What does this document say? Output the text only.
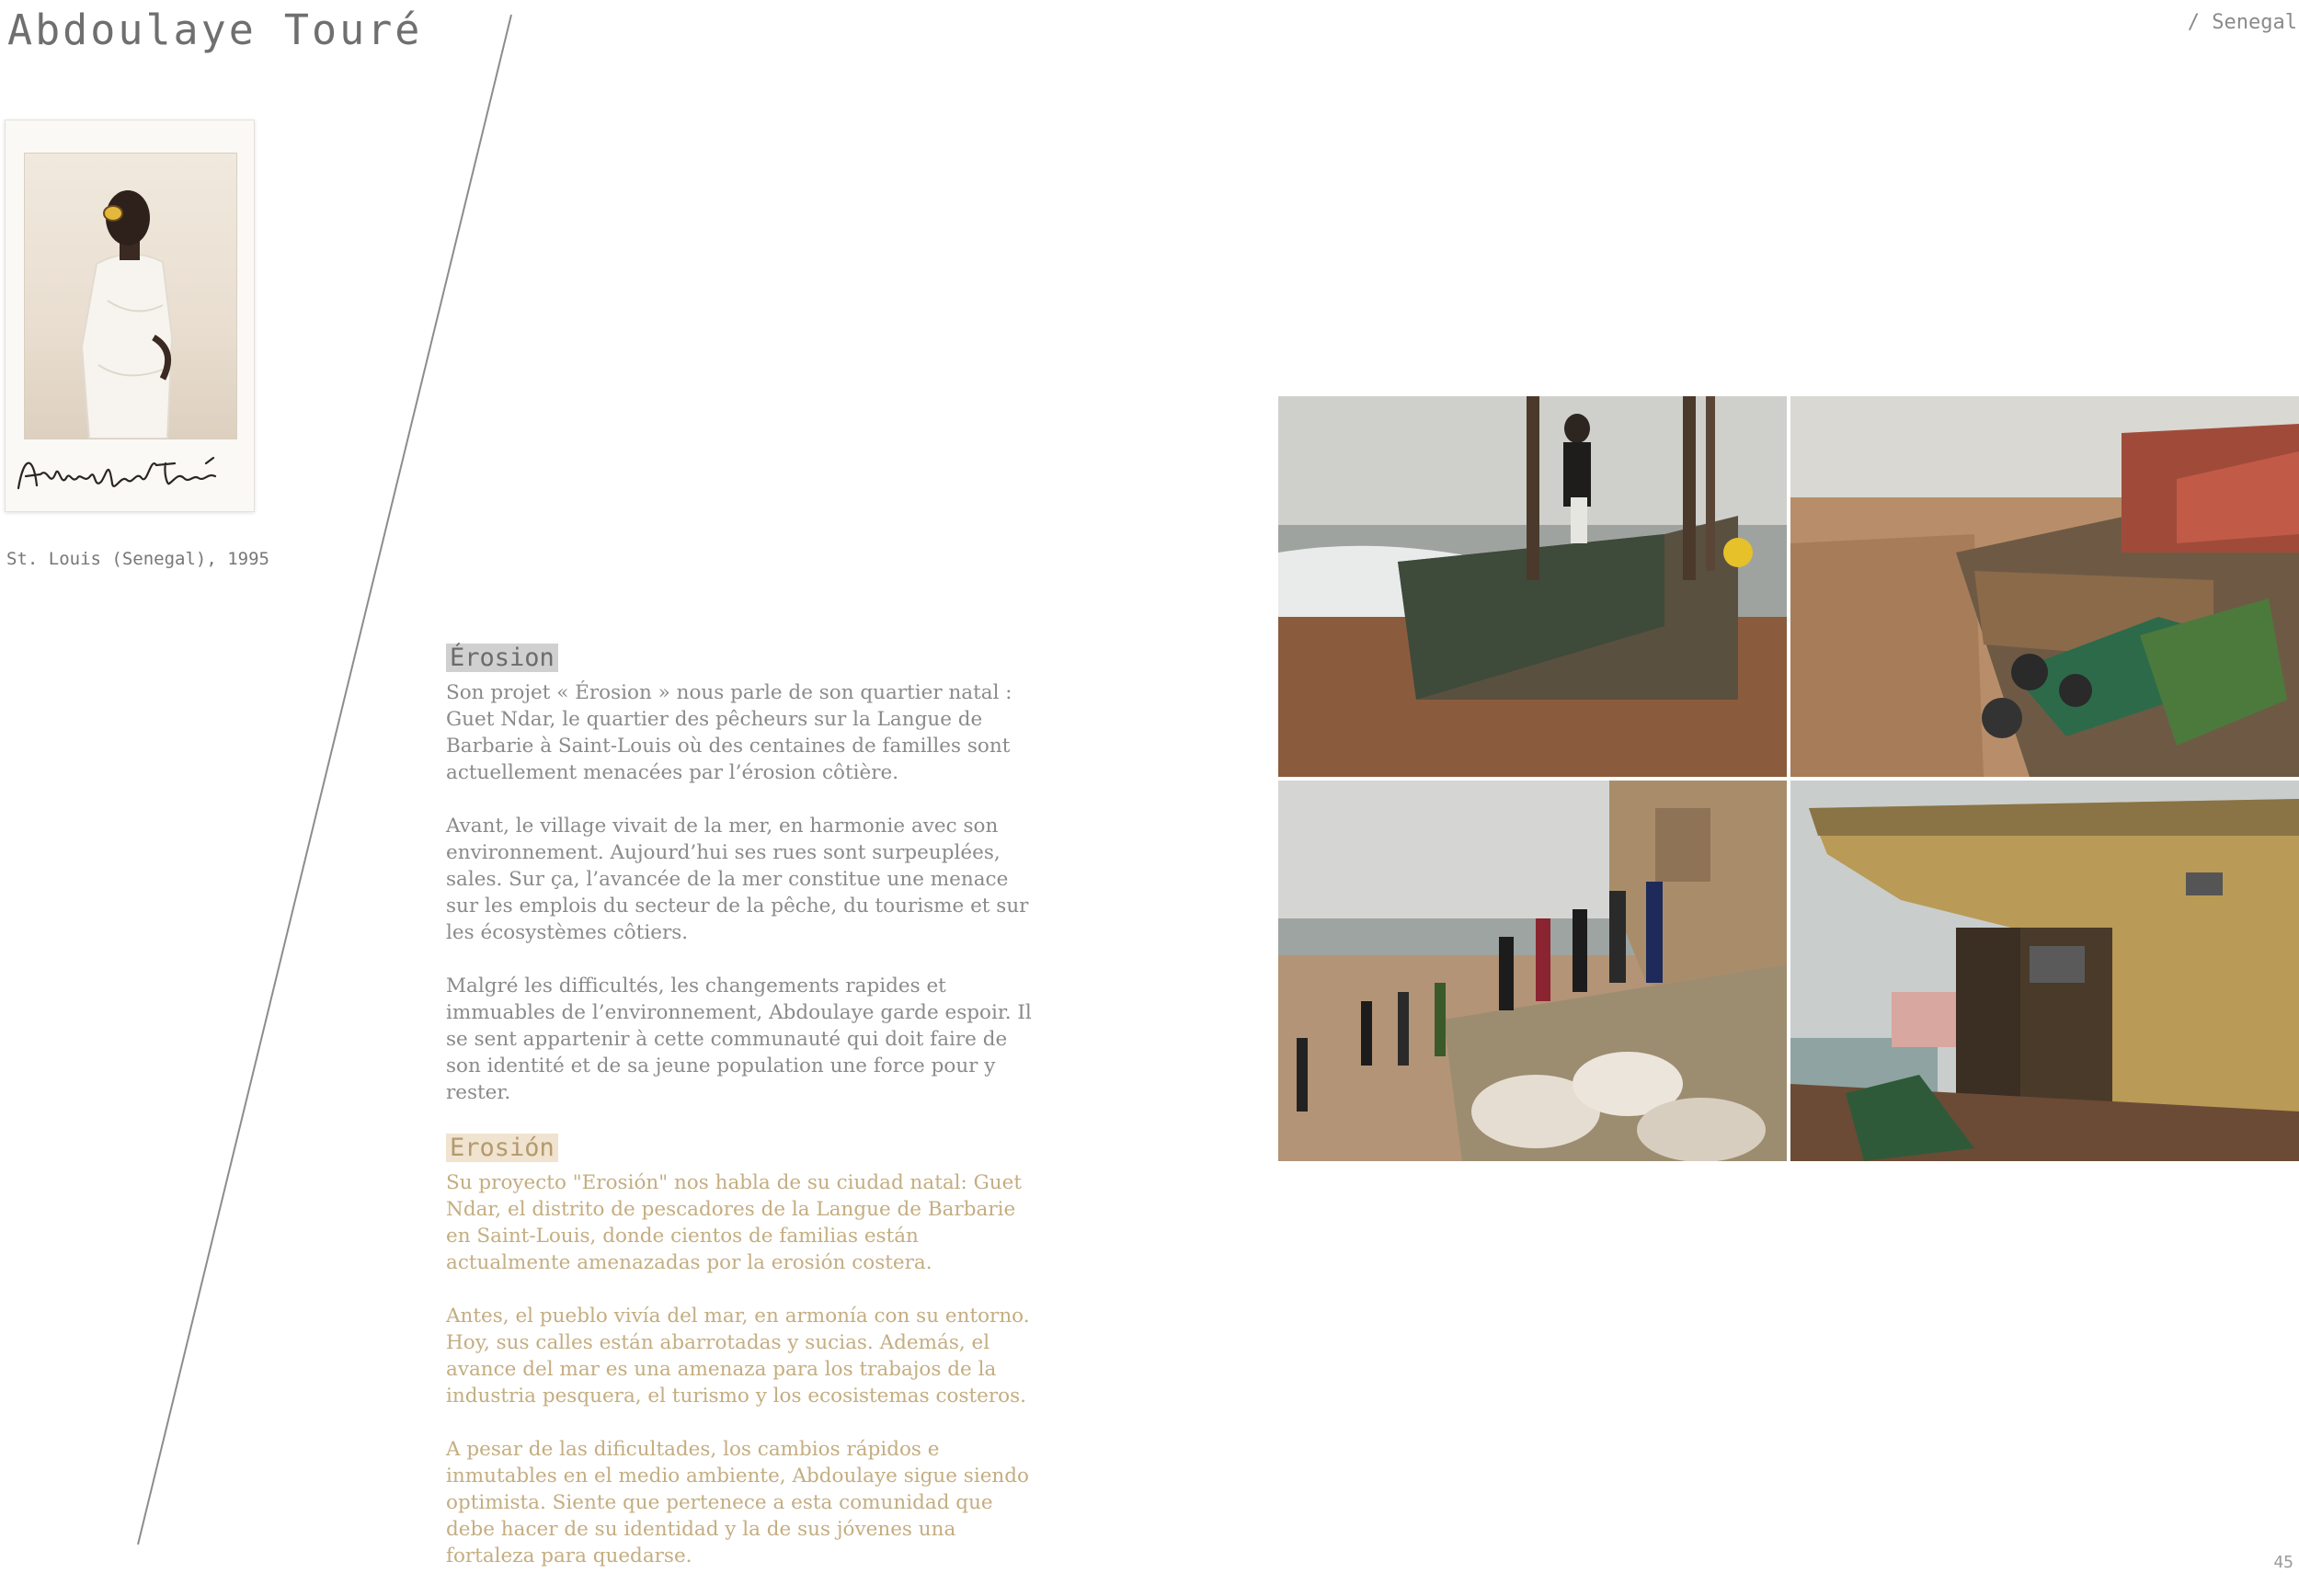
Abdoulaye Touré	/ Senegal
St. Louis (Senegal), 1995
Érosion

Son projet « Érosion » nous parle de son quartier natal : Guet Ndar, le quartier des pêcheurs sur la Langue de Barbarie à Saint-Louis où des centaines de familles sont actuellement menacées par l’érosion côtière.

Avant, le village vivait de la mer, en harmonie avec son environnement. Aujourd’hui ses rues sont surpeuplées, sales. Sur ça, l’avancée de la mer constitue une menace sur les emplois du secteur de la pêche, du tourisme et sur les écosystèmes côtiers.

Malgré les difficultés, les changements rapides et immuables de l’environnement, Abdoulaye garde espoir. Il se sent appartenir à cette communauté qui doit faire de son identité et de sa jeune population une force pour y rester.

Erosión

Su proyecto "Erosión" nos habla de su ciudad natal: Guet Ndar, el distrito de pescadores de la Langue de Barbarie en Saint-Louis, donde cientos de familias están actualmente amenazadas por la erosión costera.

Antes, el pueblo vivía del mar, en armonía con su entorno. Hoy, sus calles están abarrotadas y sucias. Además, el avance del mar es una amenaza para los trabajos de la industria pesquera, el turismo y los ecosistemas costeros.

A pesar de las dificultades, los cambios rápidos e inmutables en el medio ambiente, Abdoulaye sigue siendo optimista. Siente que pertenece a esta comunidad que debe hacer de su identidad y la de sus jóvenes una fortaleza para quedarse.	45
